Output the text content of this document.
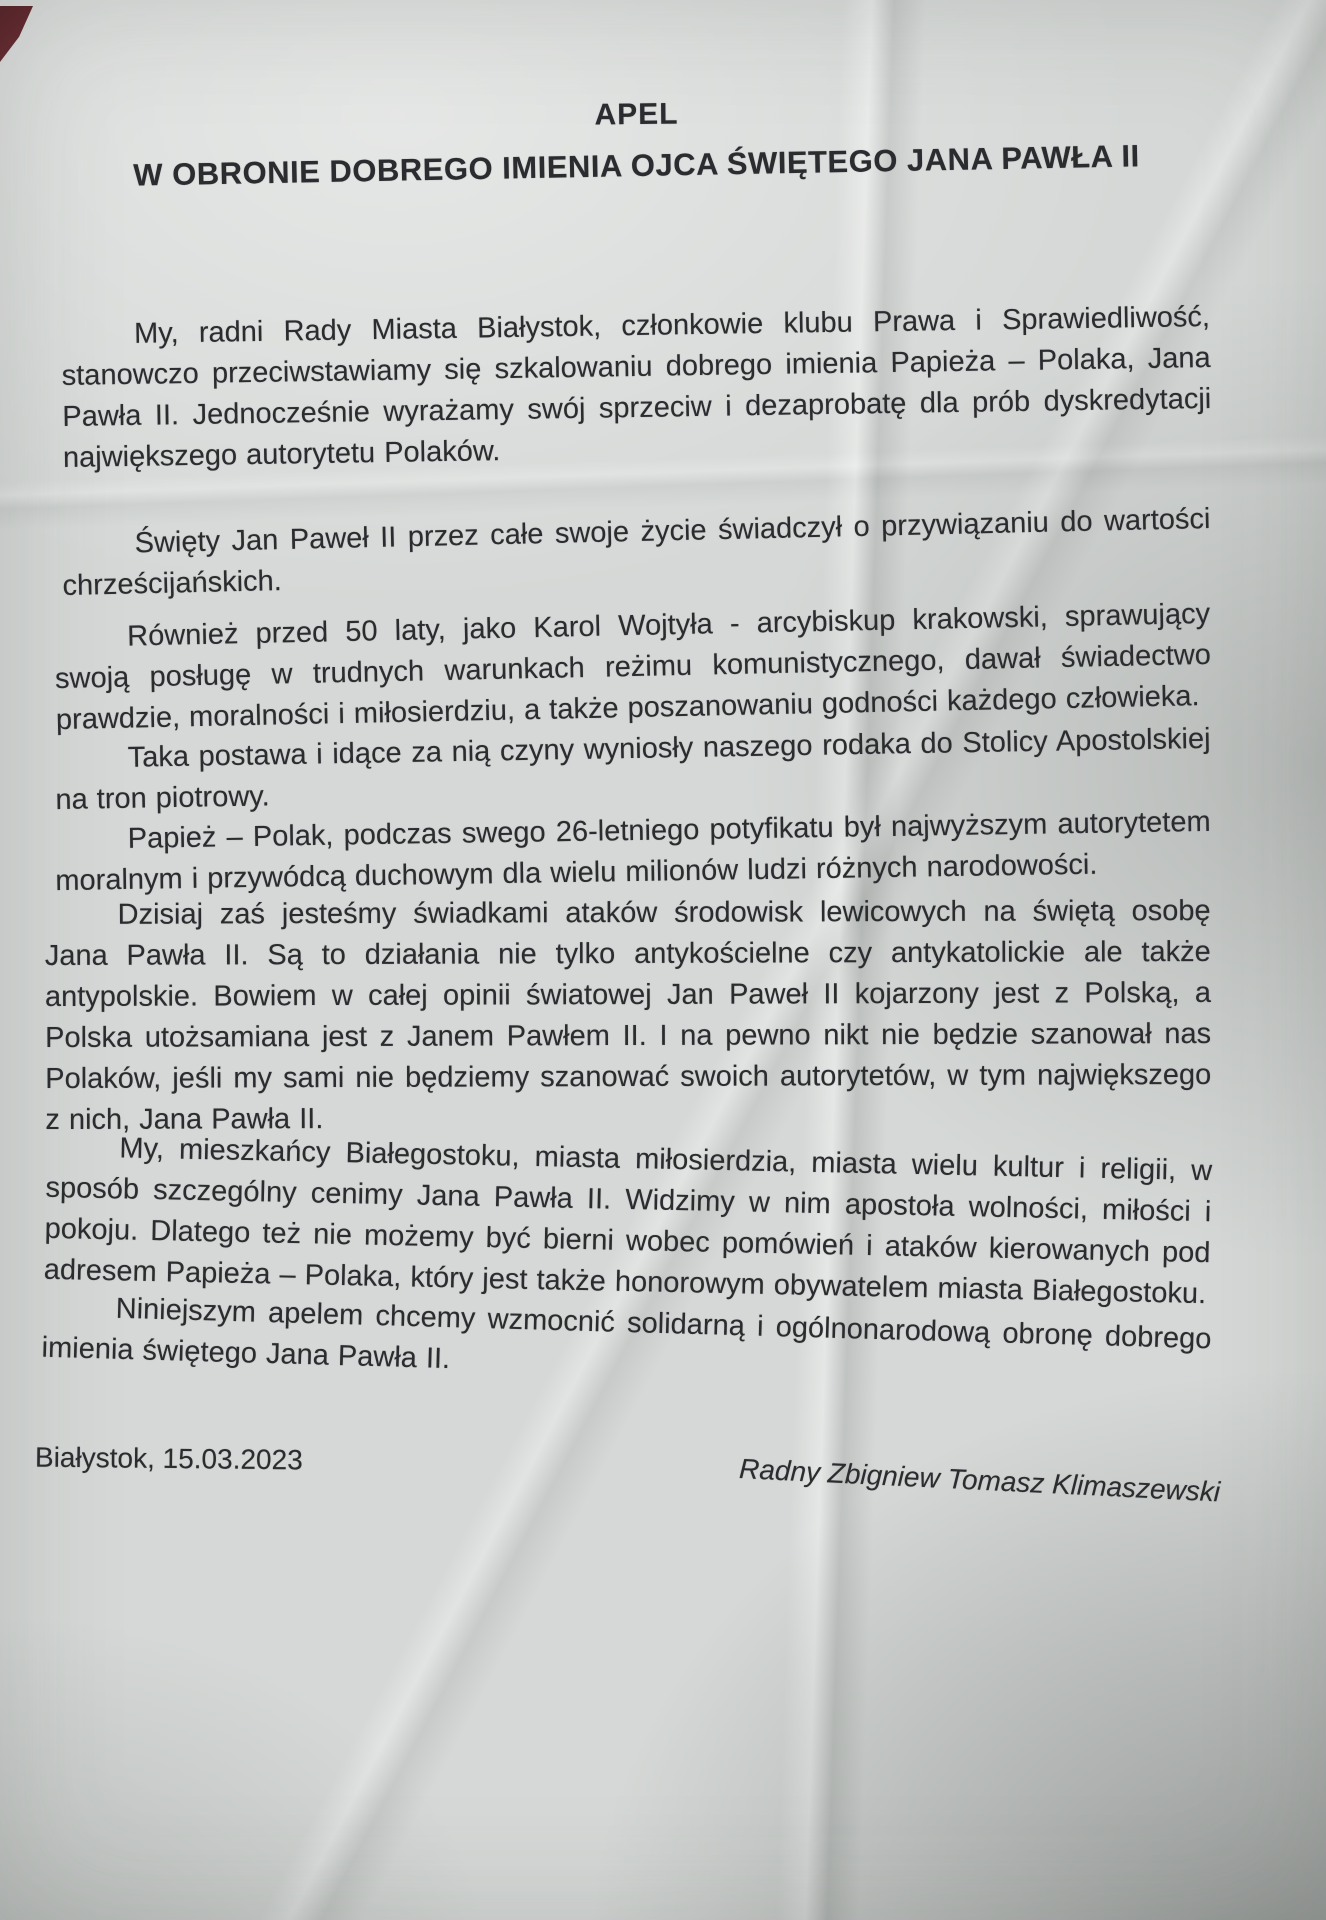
APEL
W OBRONIE DOBREGO IMIENIA OJCA ŚWIĘTEGO JANA PAWŁA II

My, radni Rady Miasta Białystok, członkowie klubu Prawa i Sprawiedliwość, stanowczo przeciwstawiamy się szkalowaniu dobrego imienia Papieża – Polaka, Jana Pawła II. Jednocześnie wyrażamy swój sprzeciw i dezaprobatę dla prób dyskredytacji największego autorytetu Polaków.

Święty Jan Paweł II przez całe swoje życie świadczył o przywiązaniu do wartości chrześcijańskich.

Również przed 50 laty, jako Karol Wojtyła - arcybiskup krakowski, sprawujący swoją posługę w trudnych warunkach reżimu komunistycznego, dawał świadectwo prawdzie, moralności i miłosierdziu, a także poszanowaniu godności każdego człowieka.

Taka postawa i idące za nią czyny wyniosły naszego rodaka do Stolicy Apostolskiej na tron piotrowy.

Papież – Polak, podczas swego 26-letniego potyfikatu był najwyższym autorytetem moralnym i przywódcą duchowym dla wielu milionów ludzi różnych narodowości.

Dzisiaj zaś jesteśmy świadkami ataków środowisk lewicowych na świętą osobę Jana Pawła II. Są to działania nie tylko antykościelne czy antykatolickie ale także antypolskie. Bowiem w całej opinii światowej Jan Paweł II kojarzony jest z Polską, a Polska utożsamiana jest z Janem Pawłem II. I na pewno nikt nie będzie szanował nas Polaków, jeśli my sami nie będziemy szanować swoich autorytetów, w tym największego z nich, Jana Pawła II.

My, mieszkańcy Białegostoku, miasta miłosierdzia, miasta wielu kultur i religii, w sposób szczególny cenimy Jana Pawła II. Widzimy w nim apostoła wolności, miłości i pokoju. Dlatego też nie możemy być bierni wobec pomówień i ataków kierowanych pod adresem Papieża – Polaka, który jest także honorowym obywatelem miasta Białegostoku.

Niniejszym apelem chcemy wzmocnić solidarną i ogólnonarodową obronę dobrego imienia świętego Jana Pawła II.

Białystok, 15.03.2023	Radny Zbigniew Tomasz Klimaszewski
